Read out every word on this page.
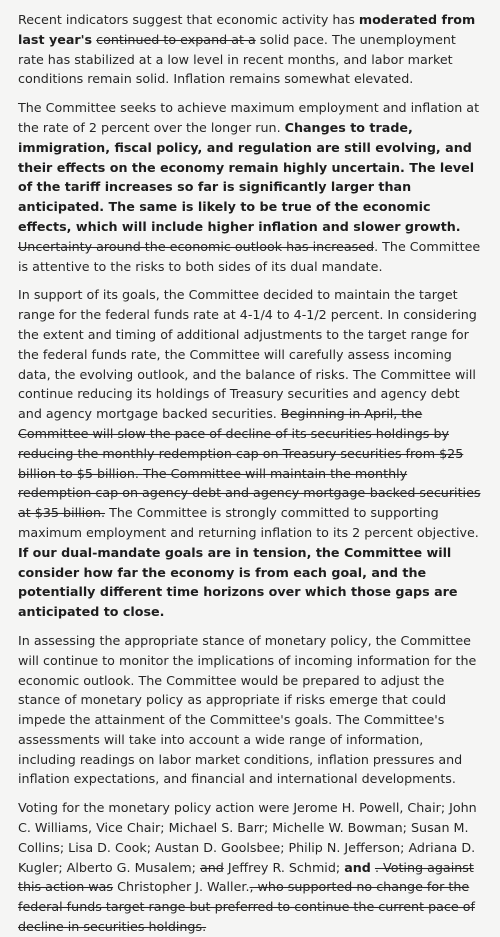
Recent indicators suggest that economic activity has moderated from last year's continued to expand at a solid pace. The unemployment rate has stabilized at a low level in recent months, and labor market conditions remain solid. Inflation remains somewhat elevated.

The Committee seeks to achieve maximum employment and inflation at the rate of 2 percent over the longer run. Changes to trade, immigration, fiscal policy, and regulation are still evolving, and their effects on the economy remain highly uncertain. The level of the tariff increases so far is significantly larger than anticipated. The same is likely to be true of the economic effects, which will include higher inflation and slower growth. Uncertainty around the economic outlook has increased. The Committee is attentive to the risks to both sides of its dual mandate.

In support of its goals, the Committee decided to maintain the target range for the federal funds rate at 4-1/4 to 4-1/2 percent. In considering the extent and timing of additional adjustments to the target range for the federal funds rate, the Committee will carefully assess incoming data, the evolving outlook, and the balance of risks. The Committee will continue reducing its holdings of Treasury securities and agency debt and agency mortgage backed securities. Beginning in April, the Committee will slow the pace of decline of its securities holdings by reducing the monthly redemption cap on Treasury securities from $25 billion to $5 billion. The Committee will maintain the monthly redemption cap on agency debt and agency mortgage-backed securities at $35 billion. The Committee is strongly committed to supporting maximum employment and returning inflation to its 2 percent objective. If our dual-mandate goals are in tension, the Committee will consider how far the economy is from each goal, and the potentially different time horizons over which those gaps are anticipated to close.

In assessing the appropriate stance of monetary policy, the Committee will continue to monitor the implications of incoming information for the economic outlook. The Committee would be prepared to adjust the stance of monetary policy as appropriate if risks emerge that could impede the attainment of the Committee's goals. The Committee's assessments will take into account a wide range of information, including readings on labor market conditions, inflation pressures and inflation expectations, and financial and international developments.

Voting for the monetary policy action were Jerome H. Powell, Chair; John C. Williams, Vice Chair; Michael S. Barr; Michelle W. Bowman; Susan M. Collins; Lisa D. Cook; Austan D. Goolsbee; Philip N. Jefferson; Adriana D. Kugler; Alberto G. Musalem; and Jeffrey R. Schmid; and . Voting against this action was Christopher J. Waller., who supported no change for the federal funds target range but preferred to continue the current pace of decline in securities holdings.
